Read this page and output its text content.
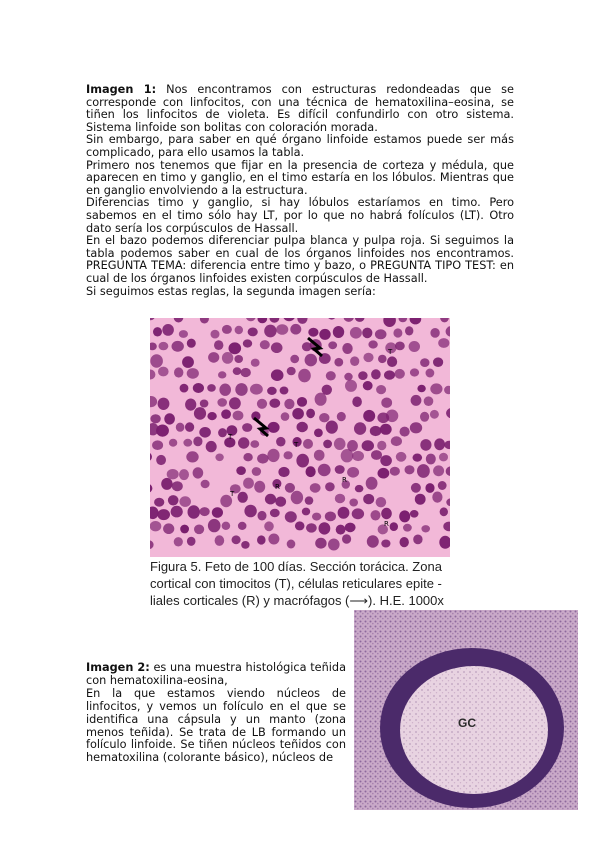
Imagen 1: Nos encontramos con estructuras redondeadas que se corresponde con linfocitos, con una técnica de hematoxilina–eosina, se tiñen los linfocitos de violeta. Es difícil confundirlo con otro sistema. Sistema linfoide son bolitas con coloración morada.

Sin embargo, para saber en qué órgano linfoide estamos puede ser más complicado, para ello usamos la tabla.

Primero nos tenemos que fijar en la presencia de corteza y médula, que aparecen en timo y ganglio, en el timo estaría en los lóbulos. Mientras que en ganglio envolviendo a la estructura.

Diferencias timo y ganglio, si hay lóbulos estaríamos en timo. Pero sabemos en el timo sólo hay LT, por lo que no habrá folículos (LT). Otro dato sería los corpúsculos de Hassall.

En el bazo podemos diferenciar pulpa blanca y pulpa roja. Si seguimos la tabla podemos saber en cual de los órganos linfoides nos encontramos. PREGUNTA TEMA: diferencia entre timo y bazo, o PREGUNTA TIPO TEST: en cual de los órganos linfoides existen corpúsculos de Hassall.

Si seguimos estas reglas, la segunda imagen sería:

T
T
T
T
R
R
R

Figura 5. Feto de 100 días. Sección torácica. Zona

cortical con timocitos (T), células reticulares epite -

liales corticales (R) y macrófagos (⟶). H.E. 1000x

GC

Imagen 2: es una muestra histológica teñida con hematoxilina-eosina,

En la que estamos viendo núcleos de linfocitos, y vemos un folículo en el que se identifica una cápsula y un manto (zona menos teñida). Se trata de LB formando un folículo linfoide. Se tiñen núcleos teñidos con hematoxilina (colorante básico), núcleos de
